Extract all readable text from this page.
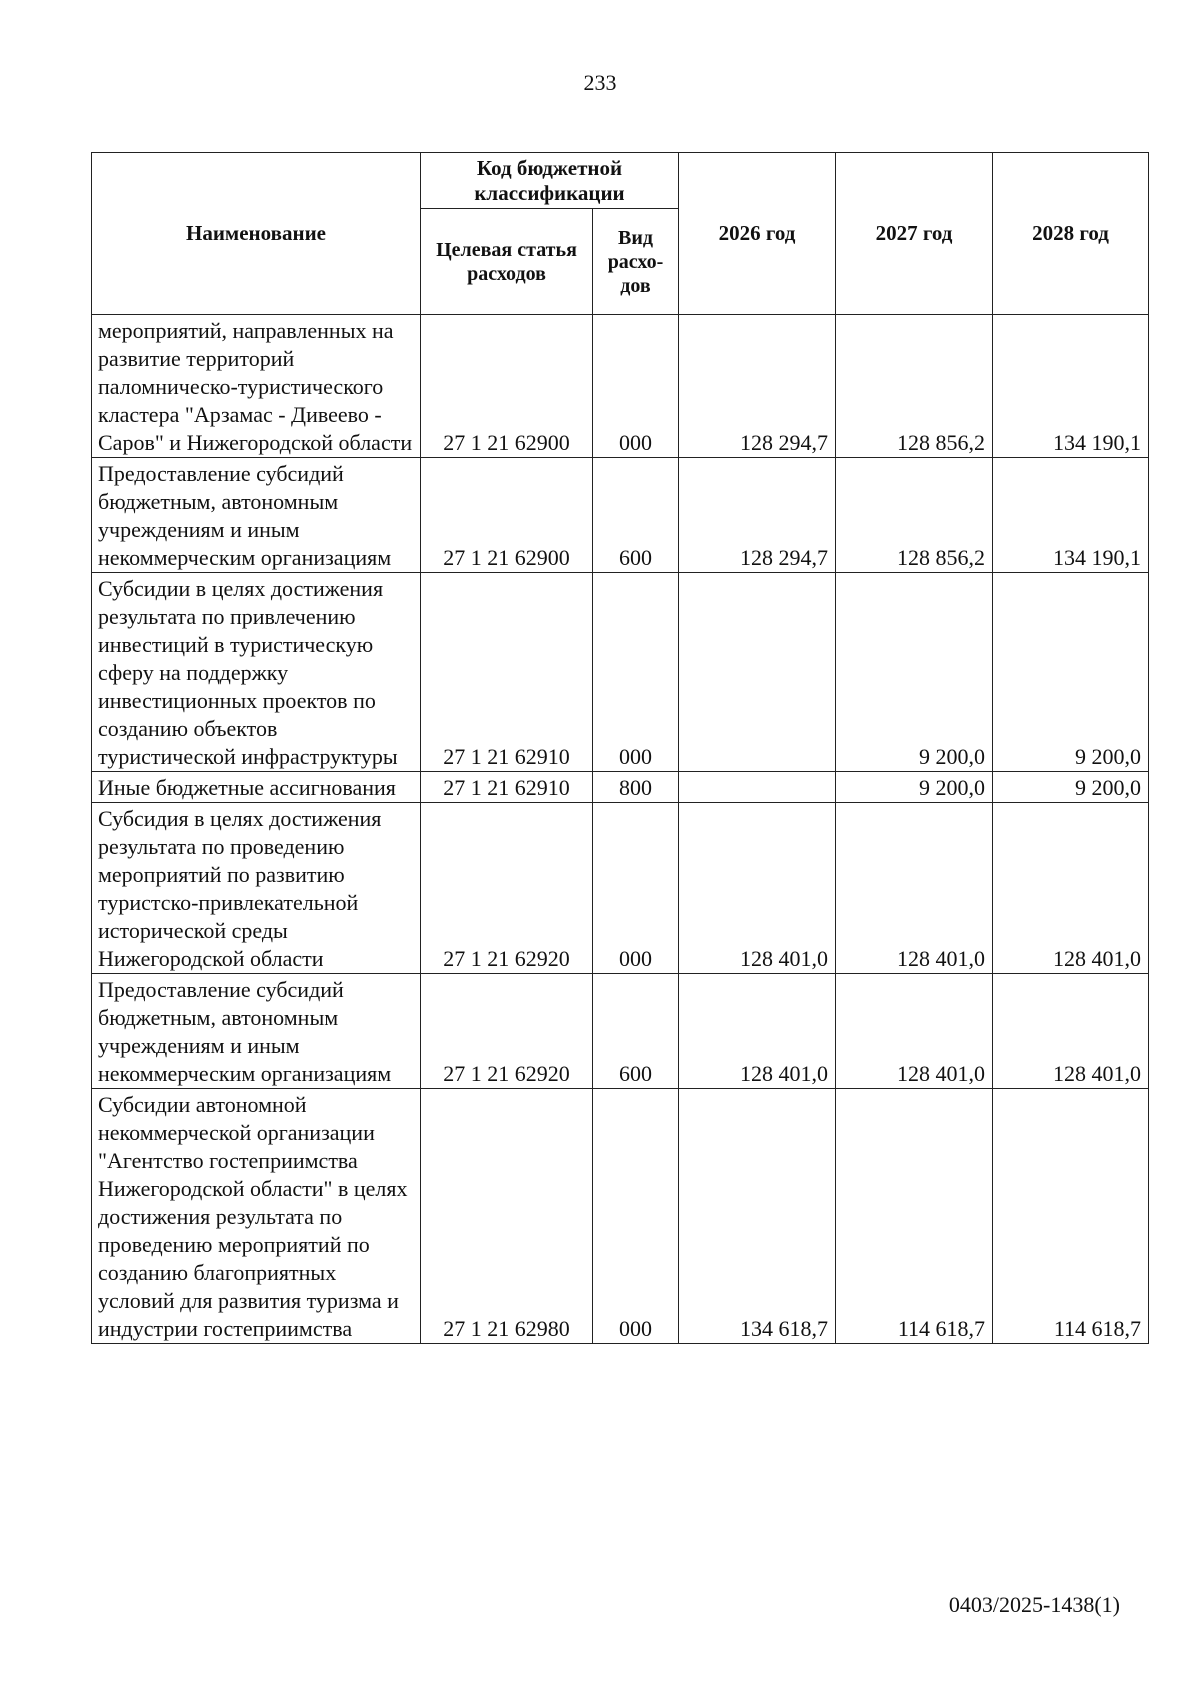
233
Наименование	Код бюджетной классификации		2026 год	2027 год	2028 год
	Целевая статья расходов	Вид расхо-дов			
мероприятий, направленных на развитие территорий паломническо-туристического кластера "Арзамас - Дивеево - Саров" и Нижегородской области	27 1 21 62900	000	128 294,7	128 856,2	134 190,1
Предоставление субсидий бюджетным, автономным учреждениям и иным некоммерческим организациям	27 1 21 62900	600	128 294,7	128 856,2	134 190,1
Субсидии в целях достижения результата по привлечению инвестиций в туристическую сферу на поддержку инвестиционных проектов по созданию объектов туристической инфраструктуры	27 1 21 62910	000		9 200,0	9 200,0
Иные бюджетные ассигнования	27 1 21 62910	800		9 200,0	9 200,0
Субсидия в целях достижения результата по проведению мероприятий по развитию туристско-привлекательной исторической среды Нижегородской области	27 1 21 62920	000	128 401,0	128 401,0	128 401,0
Предоставление субсидий бюджетным, автономным учреждениям и иным некоммерческим организациям	27 1 21 62920	600	128 401,0	128 401,0	128 401,0
Субсидии автономной некоммерческой организации "Агентство гостеприимства Нижегородской области" в целях достижения результата по проведению мероприятий по созданию благоприятных условий для развития туризма и индустрии гостеприимства	27 1 21 62980	000	134 618,7	114 618,7	114 618,7
0403/2025-1438(1)
